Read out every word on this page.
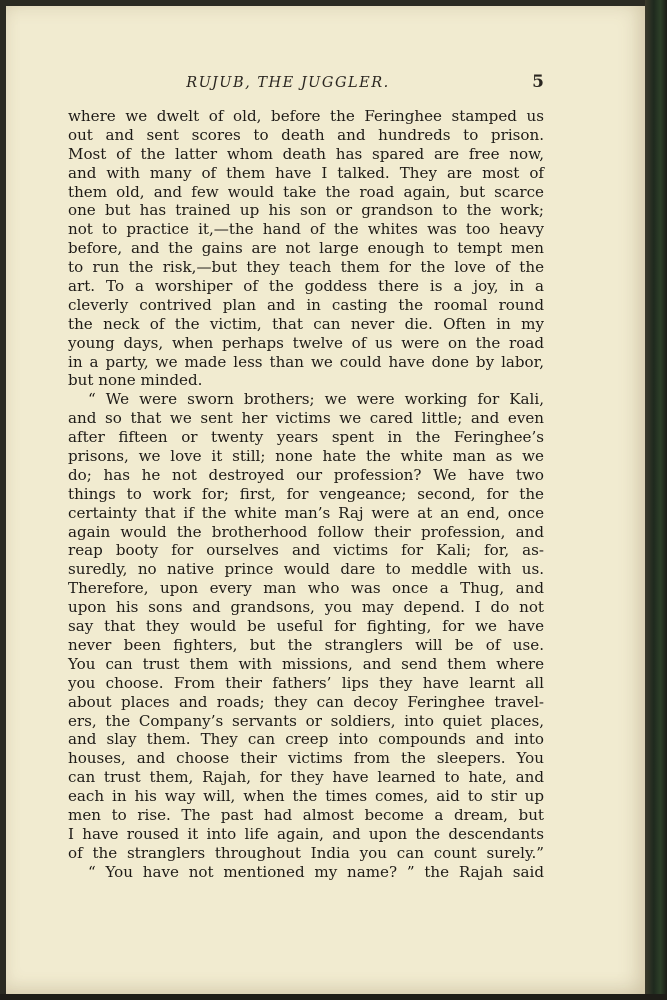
RUJUB, THE JUGGLER.	5
where we dwelt of old, before the Feringhee stamped us
out and sent scores to death and hundreds to prison.
Most of the latter whom death has spared are free now,
and with many of them have I talked. They are most of
them old, and few would take the road again, but scarce
one but has trained up his son or grandson to the work;
not to practice it,—the hand of the whites was too heavy
before, and the gains are not large enough to tempt men
to run the risk,—but they teach them for the love of the
art. To a worshiper of the goddess there is a joy, in a
cleverly contrived plan and in casting the roomal round
the neck of the victim, that can never die. Often in my
young days, when perhaps twelve of us were on the road
in a party, we made less than we could have done by labor,
but none minded.
“ We were sworn brothers; we were working for Kali,
and so that we sent her victims we cared little; and even
after fifteen or twenty years spent in the Feringhee’s
prisons, we love it still; none hate the white man as we
do; has he not destroyed our profession? We have two
things to work for; first, for vengeance; second, for the
certainty that if the white man’s Raj were at an end, once
again would the brotherhood follow their profession, and
reap booty for ourselves and victims for Kali; for, as-
suredly, no native prince would dare to meddle with us.
Therefore, upon every man who was once a Thug, and
upon his sons and grandsons, you may depend. I do not
say that they would be useful for fighting, for we have
never been fighters, but the stranglers will be of use.
You can trust them with missions, and send them where
you choose. From their fathers’ lips they have learnt all
about places and roads; they can decoy Feringhee travel-
ers, the Company’s servants or soldiers, into quiet places,
and slay them. They can creep into compounds and into
houses, and choose their victims from the sleepers. You
can trust them, Rajah, for they have learned to hate, and
each in his way will, when the times comes, aid to stir up
men to rise. The past had almost become a dream, but
I have roused it into life again, and upon the descendants
of the stranglers throughout India you can count surely.”
“ You have not mentioned my name? ” the Rajah said
